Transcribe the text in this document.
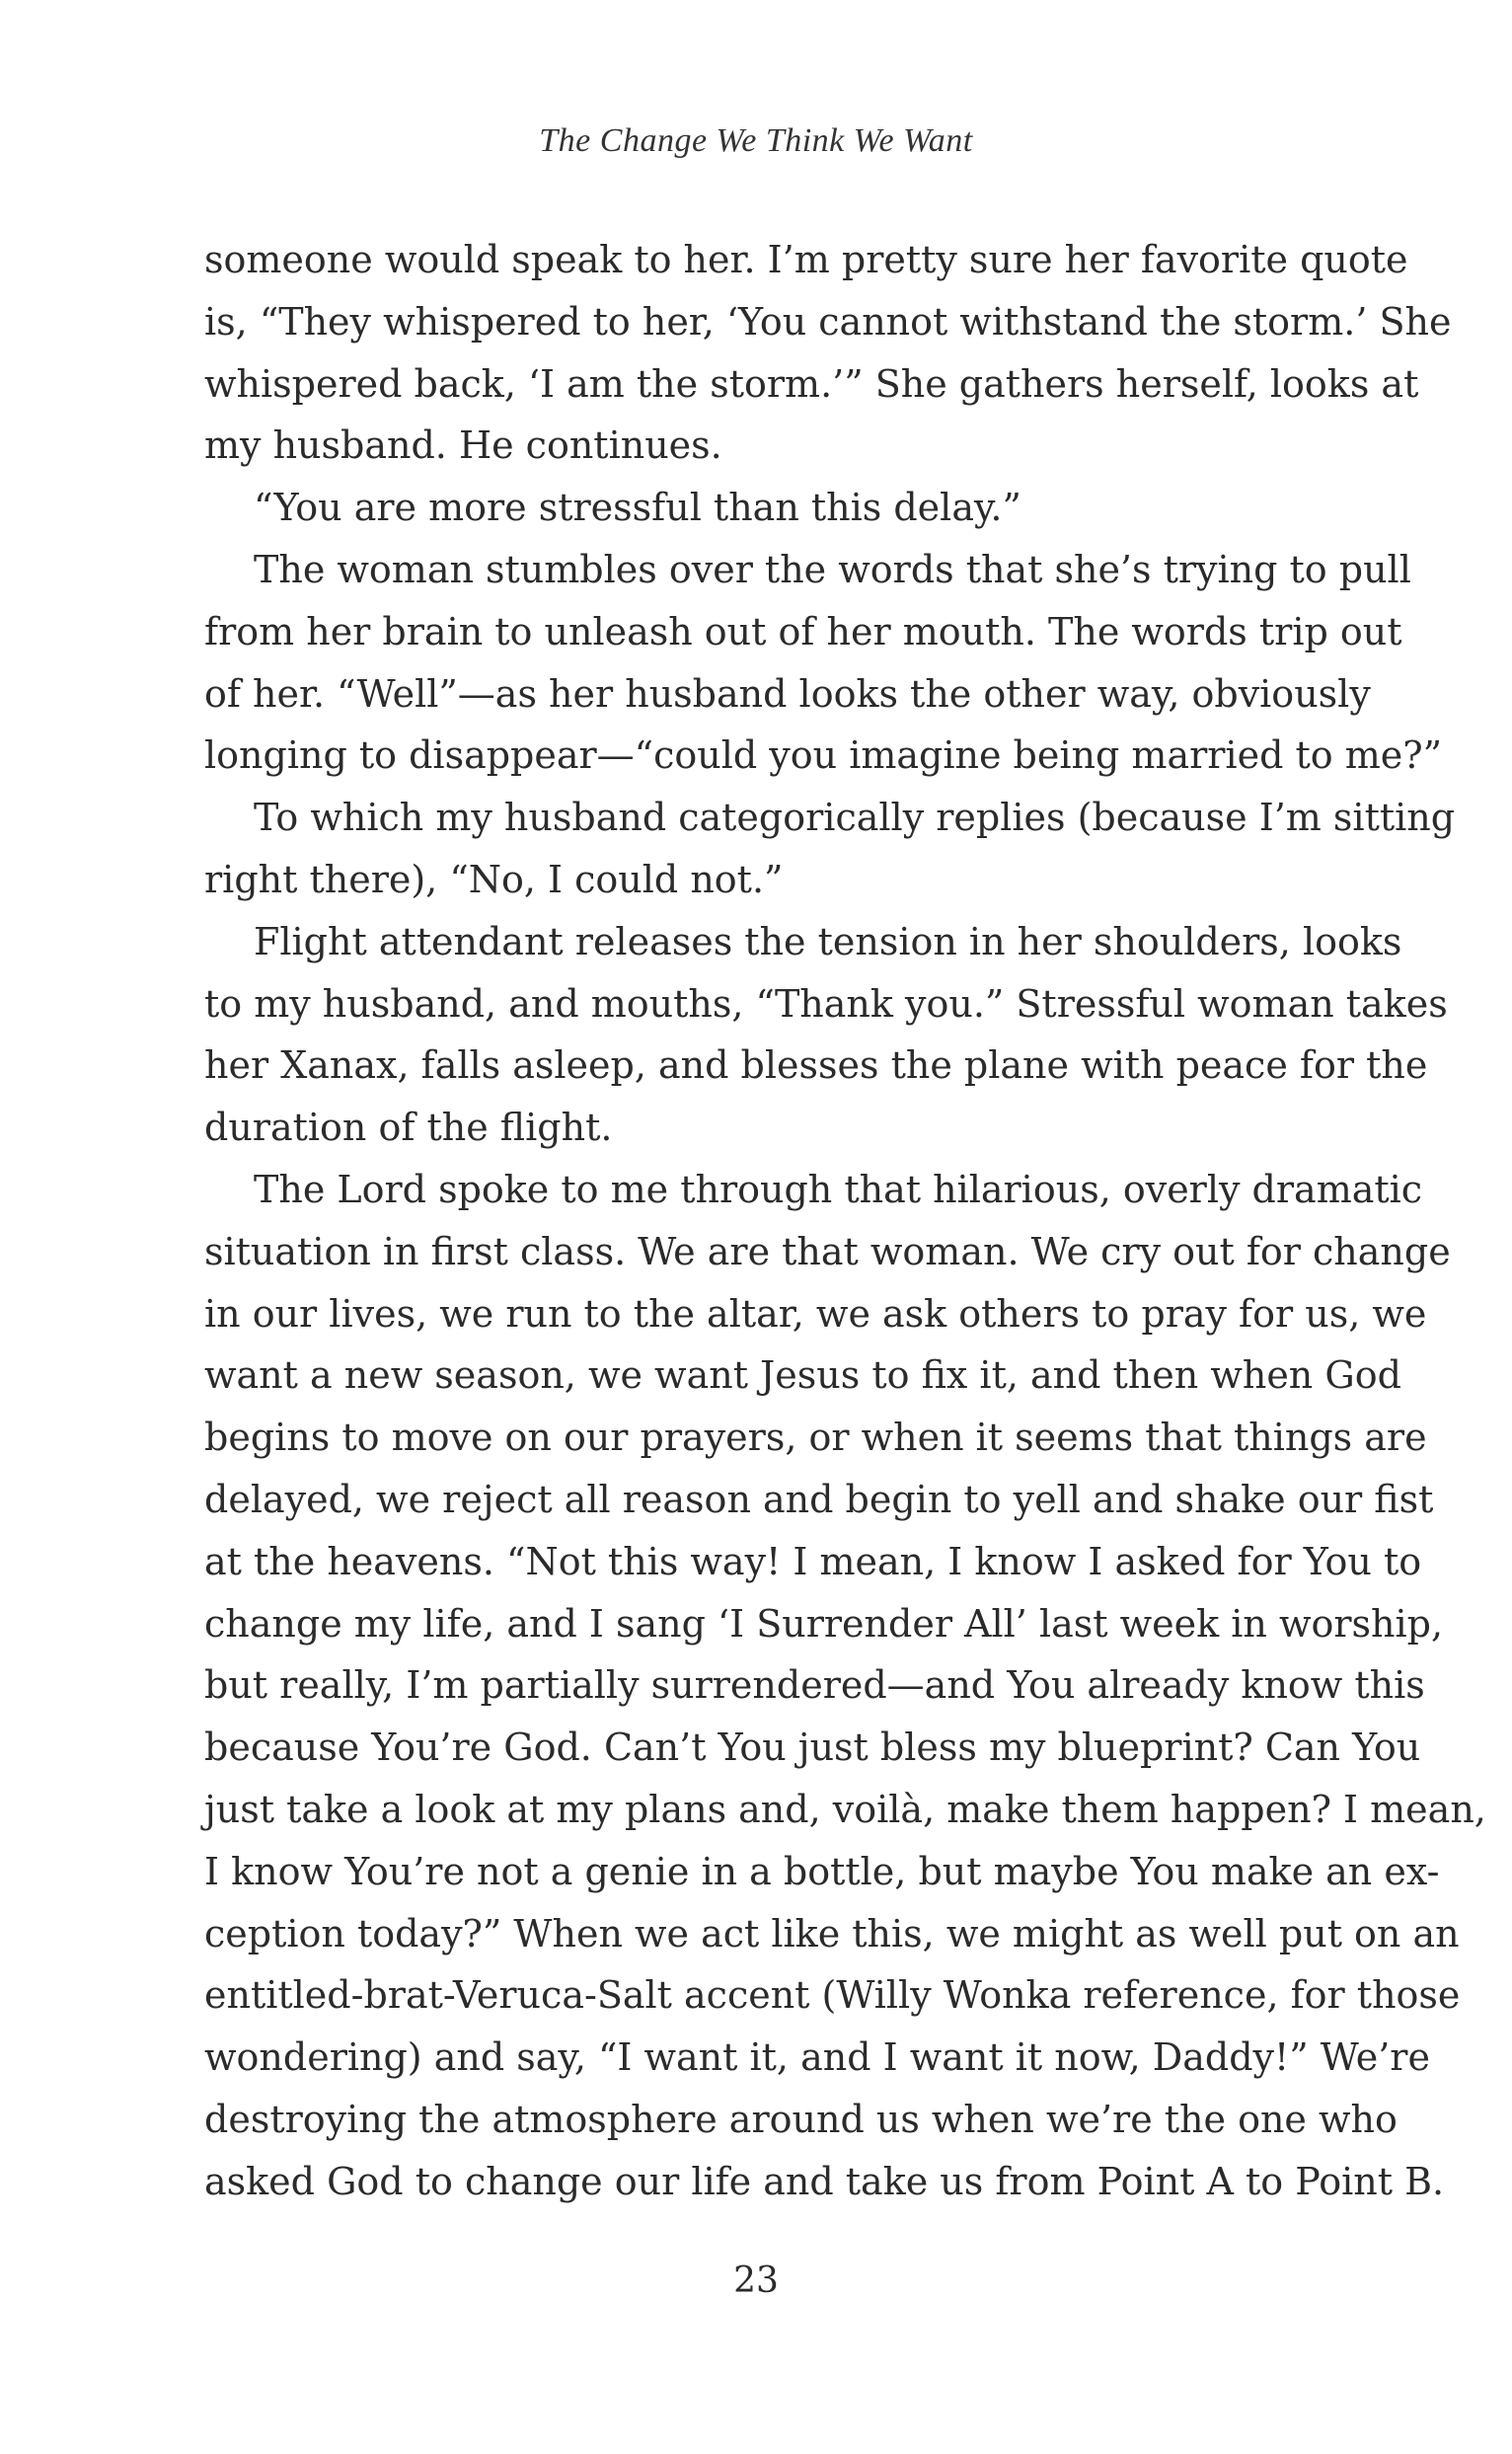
The Change We Think We Want
someone would speak to her. I’m pretty sure her favorite quote
is, “They whispered to her, ‘You cannot withstand the storm.’ She
whispered back, ‘I am the storm.’” She gathers herself, looks at
my husband. He continues.
“You are more stressful than this delay.”
The woman stumbles over the words that she’s trying to pull
from her brain to unleash out of her mouth. The words trip out
of her. “Well”—as her husband looks the other way, obviously
longing to disappear—“could you imagine being married to me?”
To which my husband categorically replies (because I’m sitting
right there), “No, I could not.”
Flight attendant releases the tension in her shoulders, looks
to my husband, and mouths, “Thank you.” Stressful woman takes
her Xanax, falls asleep, and blesses the plane with peace for the
duration of the flight.
The Lord spoke to me through that hilarious, overly dramatic
situation in first class. We are that woman. We cry out for change
in our lives, we run to the altar, we ask others to pray for us, we
want a new season, we want Jesus to fix it, and then when God
begins to move on our prayers, or when it seems that things are
delayed, we reject all reason and begin to yell and shake our fist
at the heavens. “Not this way! I mean, I know I asked for You to
change my life, and I sang ‘I Surrender All’ last week in worship,
but really, I’m partially surrendered—and You already know this
because You’re God. Can’t You just bless my blueprint? Can You
just take a look at my plans and, voilà, make them happen? I mean,
I know You’re not a genie in a bottle, but maybe You make an ex-
ception today?” When we act like this, we might as well put on an
entitled-brat-Veruca-Salt accent (Willy Wonka reference, for those
wondering) and say, “I want it, and I want it now, Daddy!” We’re
destroying the atmosphere around us when we’re the one who
asked God to change our life and take us from Point A to Point B.
23
